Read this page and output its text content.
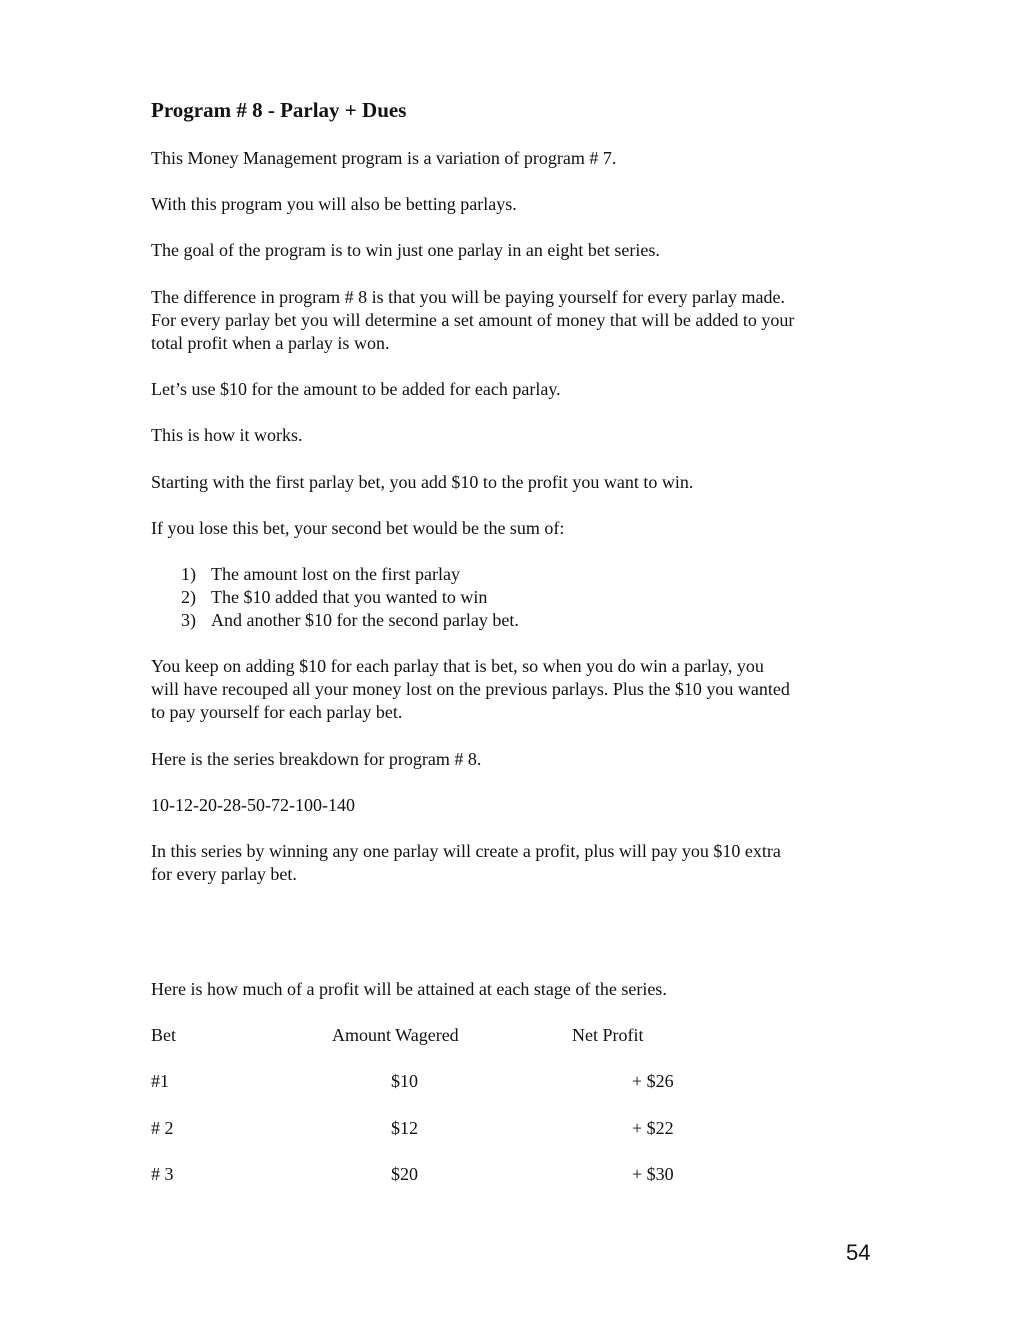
Program # 8 - Parlay + Dues

This Money Management program is a variation of program # 7.

With this program you will also be betting parlays.

The goal of the program is to win just one parlay in an eight bet series.

The difference in program # 8 is that you will be paying yourself for every parlay made.
For every parlay bet you will determine a set amount of money that will be added to your
total profit when a parlay is won.

Let’s use $10 for the amount to be added for each parlay.

This is how it works.

Starting with the first parlay bet, you add $10 to the profit you want to win.

If you lose this bet, your second bet would be the sum of:

1) The amount lost on the first parlay
2) The $10 added that you wanted to win
3) And another $10 for the second parlay bet.

You keep on adding $10 for each parlay that is bet, so when you do win a parlay, you
will have recouped all your money lost on the previous parlays. Plus the $10 you wanted
to pay yourself for each parlay bet.

Here is the series breakdown for program # 8.

10-12-20-28-50-72-100-140

In this series by winning any one parlay will create a profit, plus will pay you $10 extra
for every parlay bet.

Here is how much of a profit will be attained at each stage of the series.

Bet	Amount Wagered	Net Profit
#1	$10	+ $26
# 2	$12	+ $22
# 3	$20	+ $30

54
